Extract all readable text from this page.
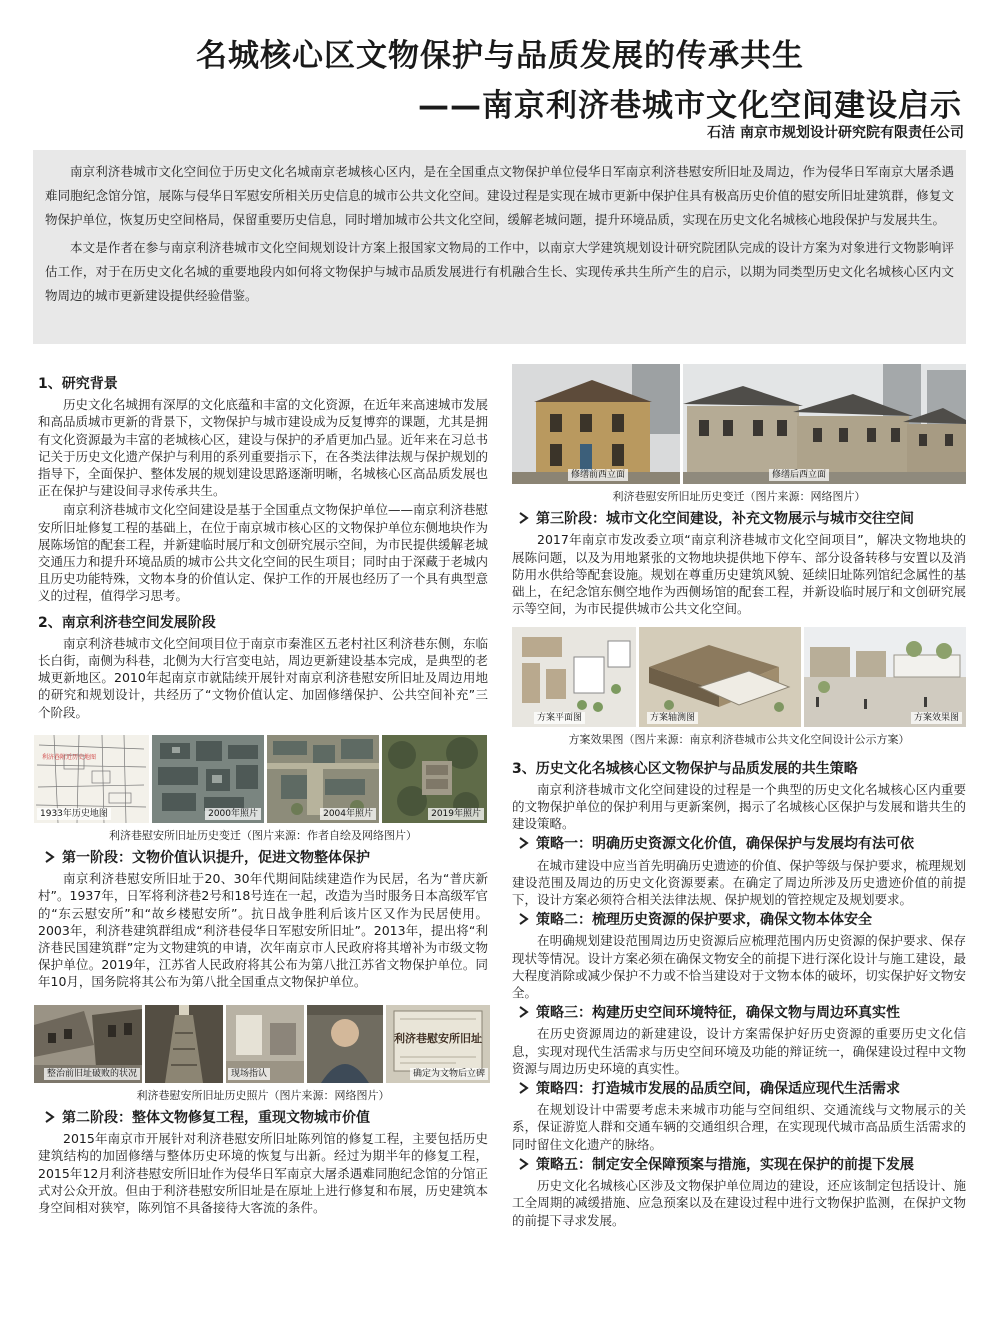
名城核心区文物保护与品质发展的传承共生
——南京利济巷城市文化空间建设启示
石洁 南京市规划设计研究院有限责任公司

南京利济巷城市文化空间位于历史文化名城南京老城核心区内，是在全国重点文物保护单位侵华日军南京利济巷慰安所旧址及周边，作为侵华日军南京大屠杀遇难同胞纪念馆分馆，展陈与侵华日军慰安所相关历史信息的城市公共文化空间。建设过程是实现在城市更新中保护住具有极高历史价值的慰安所旧址建筑群，修复文物保护单位，恢复历史空间格局，保留重要历史信息，同时增加城市公共文化空间，缓解老城问题，提升环境品质，实现在历史文化名城核心地段保护与发展共生。

本文是作者在参与南京利济巷城市文化空间规划设计方案上报国家文物局的工作中，以南京大学建筑规划设计研究院团队完成的设计方案为对象进行文物影响评估工作，对于在历史文化名城的重要地段内如何将文物保护与城市品质发展进行有机融合生长、实现传承共生所产生的启示，以期为同类型历史文化名城核心区内文物周边的城市更新建设提供经验借鉴。

1、研究背景

历史文化名城拥有深厚的文化底蕴和丰富的文化资源，在近年来高速城市发展和高品质城市更新的背景下，文物保护与城市建设成为反复博弈的课题，尤其是拥有文化资源最为丰富的老城核心区，建设与保护的矛盾更加凸显。近年来在习总书记关于历史文化遗产保护与利用的系列重要指示下，在各类法律法规与保护规划的指导下，全面保护、整体发展的规划建设思路逐渐明晰，名城核心区高品质发展也正在保护与建设间寻求传承共生。

南京利济巷城市文化空间建设是基于全国重点文物保护单位——南京利济巷慰安所旧址修复工程的基础上，在位于南京城市核心区的文物保护单位东侧地块作为展陈场馆的配套工程，并新建临时展厅和文创研究展示空间，为市民提供缓解老城交通压力和提升环境品质的城市公共文化空间的民生项目；同时由于深藏于老城内且历史功能特殊，文物本身的价值认定、保护工作的开展也经历了一个具有典型意义的过程，值得学习思考。

2、南京利济巷空间发展阶段

南京利济巷城市文化空间项目位于南京市秦淮区五老村社区利济巷东侧，东临长白街，南侧为科巷，北侧为大行宫变电站，周边更新建设基本完成，是典型的老城更新地区。2010年起南京市就陆续开展针对南京利济巷慰安所旧址及周边用地的研究和规划设计，共经历了“文物价值认定、加固修缮保护、公共空间补充”三个阶段。

利济巷附近历史地图
1933年历史地图	2000年照片	2004年照片	2019年照片
利济巷慰安所旧址历史变迁（图片来源：作者自绘及网络图片）
第一阶段：文物价值认识提升，促进文物整体保护

南京利济巷慰安所旧址于20、30年代期间陆续建造作为民居，名为“普庆新村”。1937年，日军将利济巷2号和18号连在一起，改造为当时服务日本高级军官的“东云慰安所”和“故乡楼慰安所”。抗日战争胜利后该片区又作为民居使用。2003年，利济巷建筑群组成“利济巷侵华日军慰安所旧址”。2013年，提出将“利济巷民国建筑群”定为文物建筑的申请，次年南京市人民政府将其增补为市级文物保护单位。2019年，江苏省人民政府将其公布为第八批江苏省文物保护单位。同年10月，国务院将其公布为第八批全国重点文物保护单位。

整治前旧址破败的状况	现场指认
利济巷慰安所旧址
确定为文物后立碑
利济巷慰安所旧址历史照片（图片来源：网络图片）
第二阶段：整体文物修复工程，重现文物城市价值

2015年南京市开展针对利济巷慰安所旧址陈列馆的修复工程，主要包括历史建筑结构的加固修缮与整体历史环境的恢复与出新。经过为期半年的修复工程，2015年12月利济巷慰安所旧址作为侵华日军南京大屠杀遇难同胞纪念馆的分馆正式对公众开放。但由于利济巷慰安所旧址是在原址上进行修复和布展，历史建筑本身空间相对狭窄，陈列馆不具备接待大客流的条件。

修缮前西立面	修缮后西立面
利济巷慰安所旧址历史变迁（图片来源：网络图片）
第三阶段：城市文化空间建设，补充文物展示与城市交往空间

2017年南京市发改委立项“南京利济巷城市文化空间项目”，解决文物地块的展陈问题，以及为用地紧张的文物地块提供地下停车、部分设备转移与安置以及消防用水供给等配套设施。规划在尊重历史建筑风貌、延续旧址陈列馆纪念属性的基础上，在纪念馆东侧空地作为西侧场馆的配套工程，并新设临时展厅和文创研究展示等空间，为市民提供城市公共文化空间。

方案平面图	方案轴测图	方案效果图
方案效果图（图片来源：南京利济巷城市公共文化空间设计公示方案）
3、历史文化名城核心区文物保护与品质发展的共生策略

南京利济巷城市文化空间建设的过程是一个典型的历史文化名城核心区内重要的文物保护单位的保护利用与更新案例，揭示了名城核心区保护与发展和谐共生的建设策略。

策略一：明确历史资源文化价值，确保保护与发展均有法可依

在城市建设中应当首先明确历史遗迹的价值、保护等级与保护要求，梳理规划建设范围及周边的历史文化资源要素。在确定了周边所涉及历史遗迹价值的前提下，设计方案必须符合相关法律法规、保护规划的管控规定及规划要求。

策略二：梳理历史资源的保护要求，确保文物本体安全

在明确规划建设范围周边历史资源后应梳理范围内历史资源的保护要求、保存现状等情况。设计方案必须在确保文物安全的前提下进行深化设计与施工建设，最大程度消除或减少保护不力或不恰当建设对于文物本体的破坏，切实保护好文物安全。

策略三：构建历史空间环境特征，确保文物与周边环真实性

在历史资源周边的新建建设，设计方案需保护好历史资源的重要历史文化信息，实现对现代生活需求与历史空间环境及功能的辩证统一，确保建设过程中文物资源与周边历史环境的真实性。

策略四：打造城市发展的品质空间，确保适应现代生活需求

在规划设计中需要考虑未来城市功能与空间组织、交通流线与文物展示的关系，保证游览人群和交通车辆的交通组织合理，在实现现代城市高品质生活需求的同时留住文化遗产的脉络。

策略五：制定安全保障预案与措施，实现在保护的前提下发展

历史文化名城核心区涉及文物保护单位周边的建设，还应该制定包括设计、施工全周期的减缓措施、应急预案以及在建设过程中进行文物保护监测，在保护文物的前提下寻求发展。
